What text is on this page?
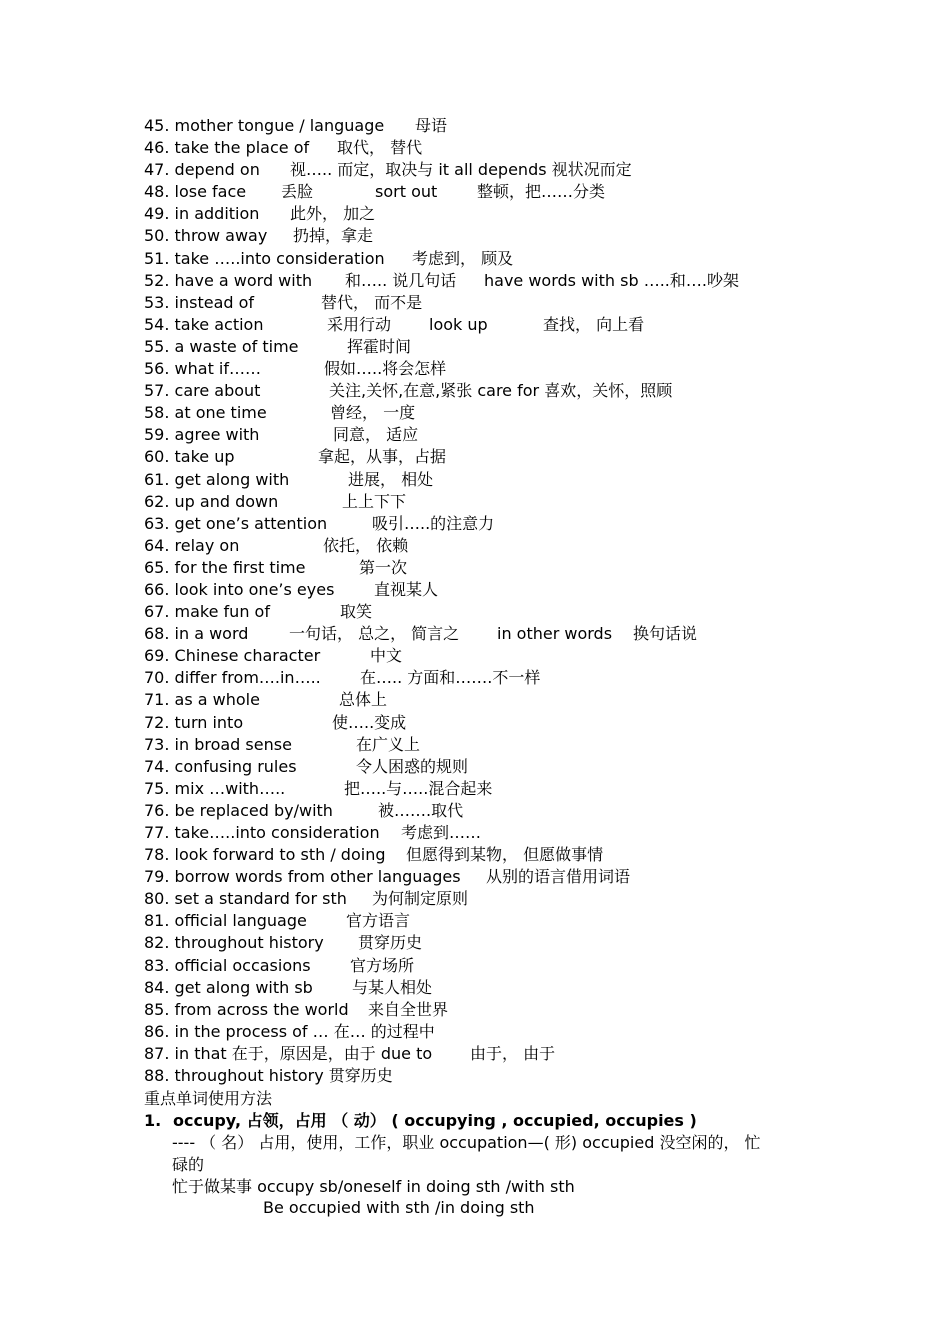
45. mother tongue / language 母语
46. take the place of 取代， 替代
47. depend on 视….. 而定，取决与 it all depends 视状况而定
48. lose face 丢脸	sort out 整顿，把……分类
49. in addition 此外， 加之
50. throw away 扔掉，拿走
51. take …..into consideration 考虑到， 顾及
52. have a word with 和….. 说几句话 have words with sb …..和….吵架
53. instead of	替代， 而不是
54. take action	采用行动 look up	查找， 向上看
55. a waste of time	挥霍时间
56. what if……	假如…..将会怎样
57. care about	关注,关怀,在意,紧张 care for 喜欢，关怀，照顾
58. at one time	曾经， 一度
59. agree with	同意， 适应
60. take up	拿起，从事，占据
61. get along with	进展， 相处
62. up and down	上上下下
63. get one’s attention	吸引…..的注意力
64. relay on	依托， 依赖
65. for the first time	第一次
66. look into one’s eyes 直视某人
67. make fun of	取笑
68. in a word	一句话， 总之， 简言之 in other words 换句话说
69. Chinese character	中文
70. differ from….in….. 在….. 方面和…….不一样
71. as a whole	总体上
72. turn into	使…..变成
73. in broad sense	在广义上
74. confusing rules	令人困惑的规则
75. mix …with…..	把…..与…..混合起来
76. be replaced by/with	被…….取代
77. take…..into consideration 考虑到……
78. look forward to sth / doing 但愿得到某物， 但愿做事情
79. borrow words from other languages 从别的语言借用词语
80. set a standard for sth 为何制定原则
81. official language 官方语言
82. throughout history 贯穿历史
83. official occasions 官方场所
84. get along with sb 与某人相处
85. from across the world 来自全世界
86. in the process of … 在… 的过程中
87. in that 在于，原因是，由于 due to 由于， 由于
88. throughout history 贯穿历史
重点单词使用方法
1. occupy, 占领，占用 （ 动） ( occupying , occupied, occupies )
---- （ 名） 占用，使用，工作，职业 occupation—( 形) occupied 没空闲的， 忙
碌的
忙于做某事 occupy sb/oneself in doing sth /with sth
Be occupied with sth /in doing sth
